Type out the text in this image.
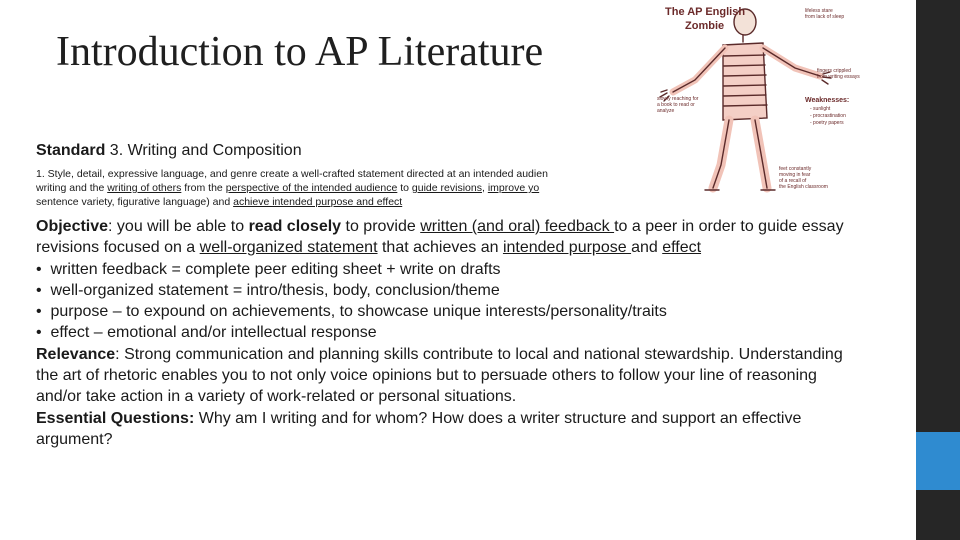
Introduction to AP Literature
The AP English
Zombie
lifeless stare
from lack of sleep
fingers crippled
from writing essays
slowly reaching for
a book to read or
analyze
Weaknesses:
- sunlight
- procrastination
- poetry papers
feet constantly
moving in fear
of a recall of
the English classroom
Standard 3. Writing and Composition
1. Style, detail, expressive language, and genre create a well-crafted statement directed at an intended audien
writing and the writing of others from the perspective of the intended audience to guide revisions, improve yo
sentence variety, figurative language) and achieve intended purpose and effect

Objective: you will be able to read closely to provide written (and oral) feedback to a peer in order to guide essay revisions focused on a well-organized statement that achieves an intended purpose and effect

• written feedback = complete peer editing sheet + write on drafts

• well-organized statement = intro/thesis, body, conclusion/theme

• purpose – to expound on achievements, to showcase unique interests/personality/traits

• effect – emotional and/or intellectual response

Relevance: Strong communication and planning skills contribute to local and national stewardship. Understanding the art of rhetoric enables you to not only voice opinions but to persuade others to follow your line of reasoning and/or take action in a variety of work-related or personal situations.

Essential Questions: Why am I writing and for whom? How does a writer structure and support an effective argument?
